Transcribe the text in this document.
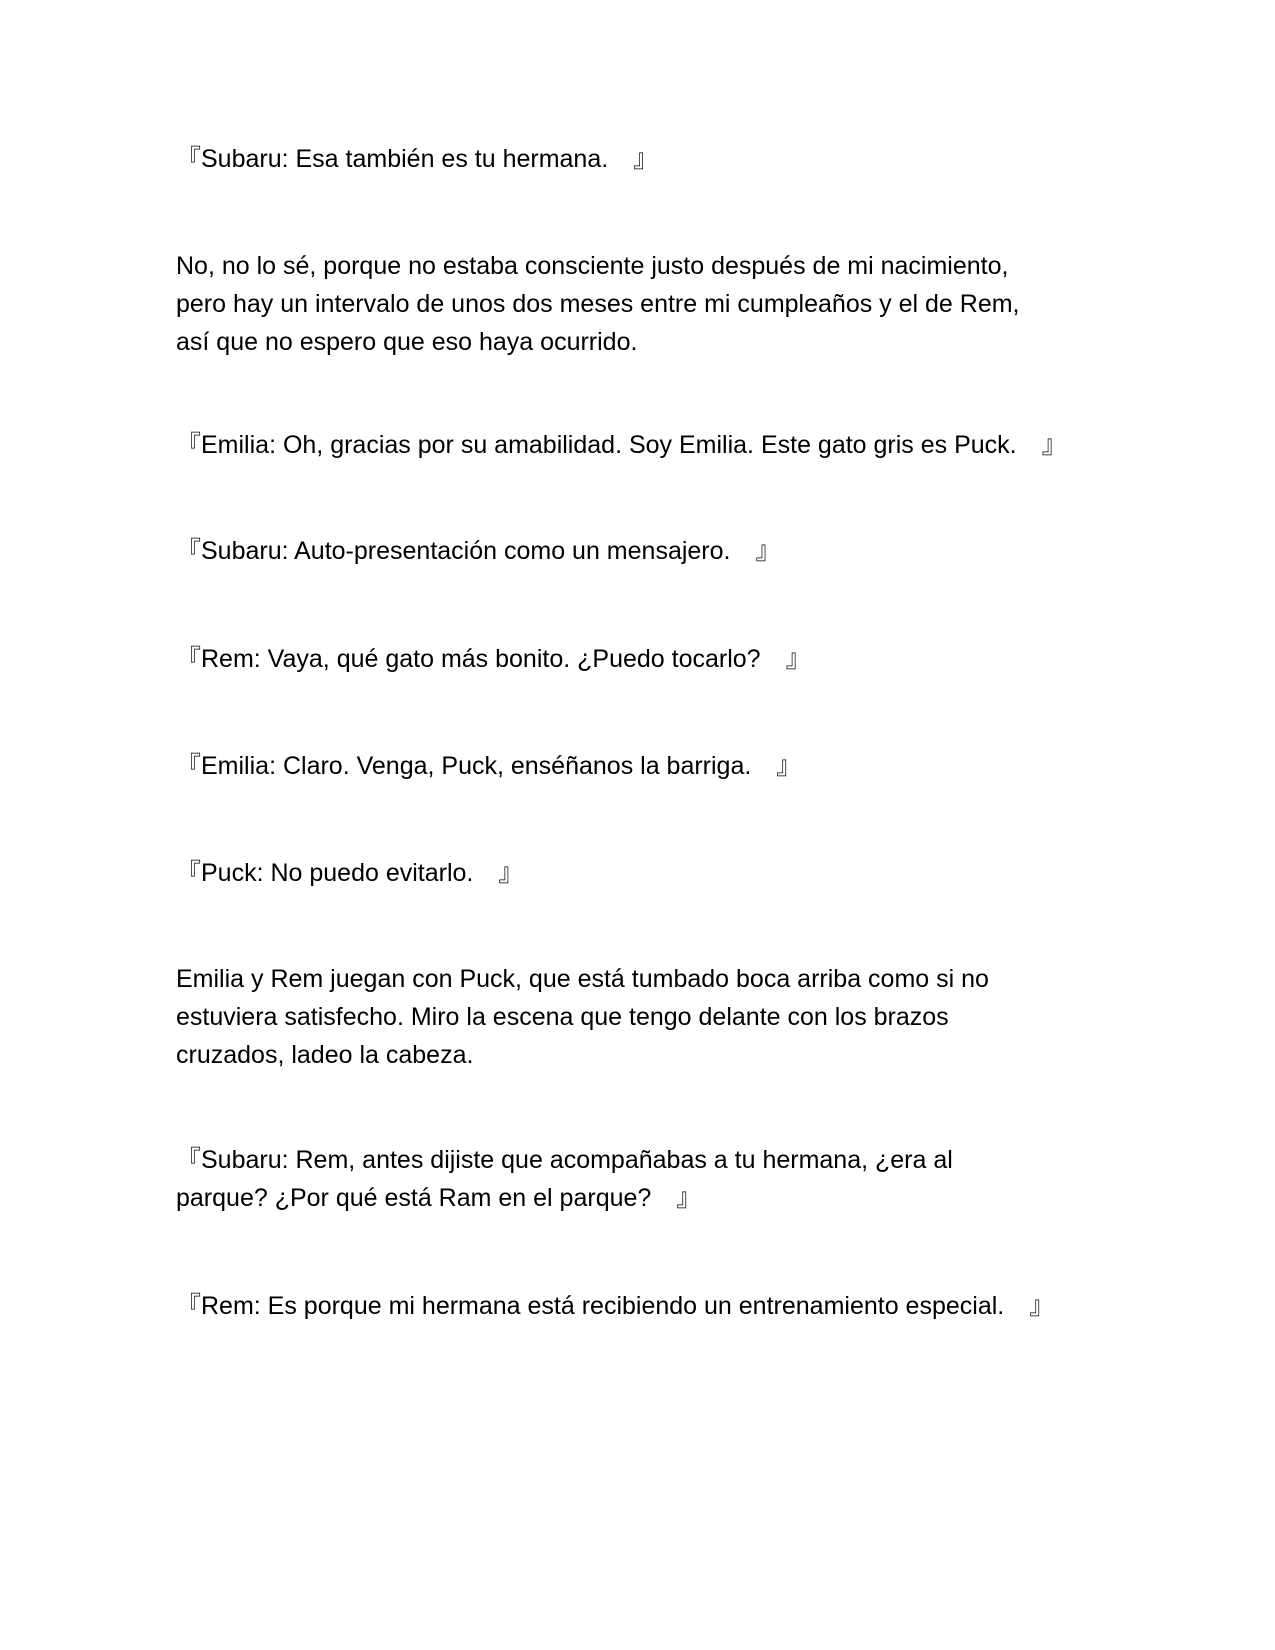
『Subaru: Esa también es tu hermana.　』

No, no lo sé, porque no estaba consciente justo después de mi nacimiento, pero hay un intervalo de unos dos meses entre mi cumpleaños y el de Rem, así que no espero que eso haya ocurrido.

『Emilia: Oh, gracias por su amabilidad. Soy Emilia. Este gato gris es Puck.　』

『Subaru: Auto-presentación como un mensajero.　』

『Rem: Vaya, qué gato más bonito. ¿Puedo tocarlo?　』

『Emilia: Claro. Venga, Puck, enséñanos la barriga.　』

『Puck: No puedo evitarlo.　』

Emilia y Rem juegan con Puck, que está tumbado boca arriba como si no estuviera satisfecho. Miro la escena que tengo delante con los brazos cruzados, ladeo la cabeza.

『Subaru: Rem, antes dijiste que acompañabas a tu hermana, ¿era al parque? ¿Por qué está Ram en el parque?　』

『Rem: Es porque mi hermana está recibiendo un entrenamiento especial.　』
